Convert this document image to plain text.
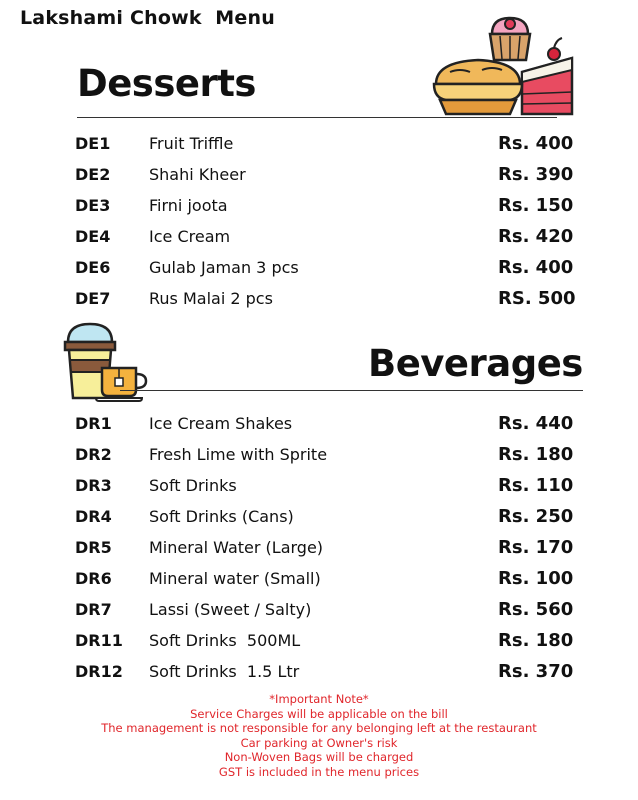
Lakshami Chowk  Menu
Desserts
DE1 Fruit Triffle	Rs. 400
DE2 Shahi Kheer	Rs. 390
DE3 Firni joota	Rs. 150
DE4 Ice Cream	Rs. 420
DE6 Gulab Jaman 3 pcs	Rs. 400
DE7 Rus Malai 2 pcs	RS. 500
Beverages
DR1 Ice Cream Shakes	Rs. 440
DR2 Fresh Lime with Sprite	Rs. 180
DR3 Soft Drinks	Rs. 110
DR4 Soft Drinks (Cans)	Rs. 250
DR5 Mineral Water (Large)	Rs. 170
DR6 Mineral water (Small)	Rs. 100
DR7 Lassi (Sweet / Salty)	Rs. 560
DR11 Soft Drinks  500ML	Rs. 180
DR12 Soft Drinks  1.5 Ltr	Rs. 370
*Important Note*
Service Charges will be applicable on the bill
The management is not responsible for any belonging left at the restaurant
Car parking at Owner's risk
Non-Woven Bags will be charged
GST is included in the menu prices
